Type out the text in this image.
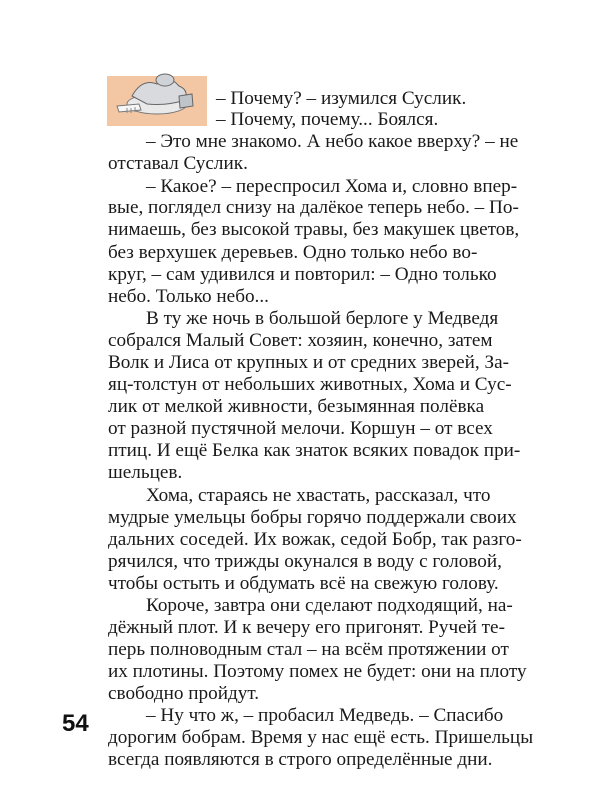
– Почему? – изумился Суслик.
– Почему, почему... Боялся.
– Это мне знакомо. А небо какое вверху? – не
отставал Суслик.
– Какое? – переспросил Хома и, словно впер-
вые, поглядел снизу на далёкое теперь небо. – По-
нимаешь, без высокой травы, без макушек цветов,
без верхушек деревьев. Одно только небо во-
круг, – сам удивился и повторил: – Одно только
небо. Только небо...
В ту же ночь в большой берлоге у Медведя
собрался Малый Совет: хозяин, конечно, затем
Волк и Лиса от крупных и от средних зверей, За-
яц-толстун от небольших животных, Хома и Сус-
лик от мелкой живности, безымянная полёвка
от разной пустячной мелочи. Коршун – от всех
птиц. И ещё Белка как знаток всяких повадок при-
шельцев.
Хома, стараясь не хвастать, рассказал, что
мудрые умельцы бобры горячо поддержали своих
дальних соседей. Их вожак, седой Бобр, так разго-
рячился, что трижды окунался в воду с головой,
чтобы остыть и обдумать всё на свежую голову.
Короче, завтра они сделают подходящий, на-
дёжный плот. И к вечеру его пригонят. Ручей те-
перь полноводным стал – на всём протяжении от
их плотины. Поэтому помех не будет: они на плоту
свободно пройдут.
– Ну что ж, – пробасил Медведь. – Спасибо
дорогим бобрам. Время у нас ещё есть. Пришельцы
всегда появляются в строго определённые дни.
54
